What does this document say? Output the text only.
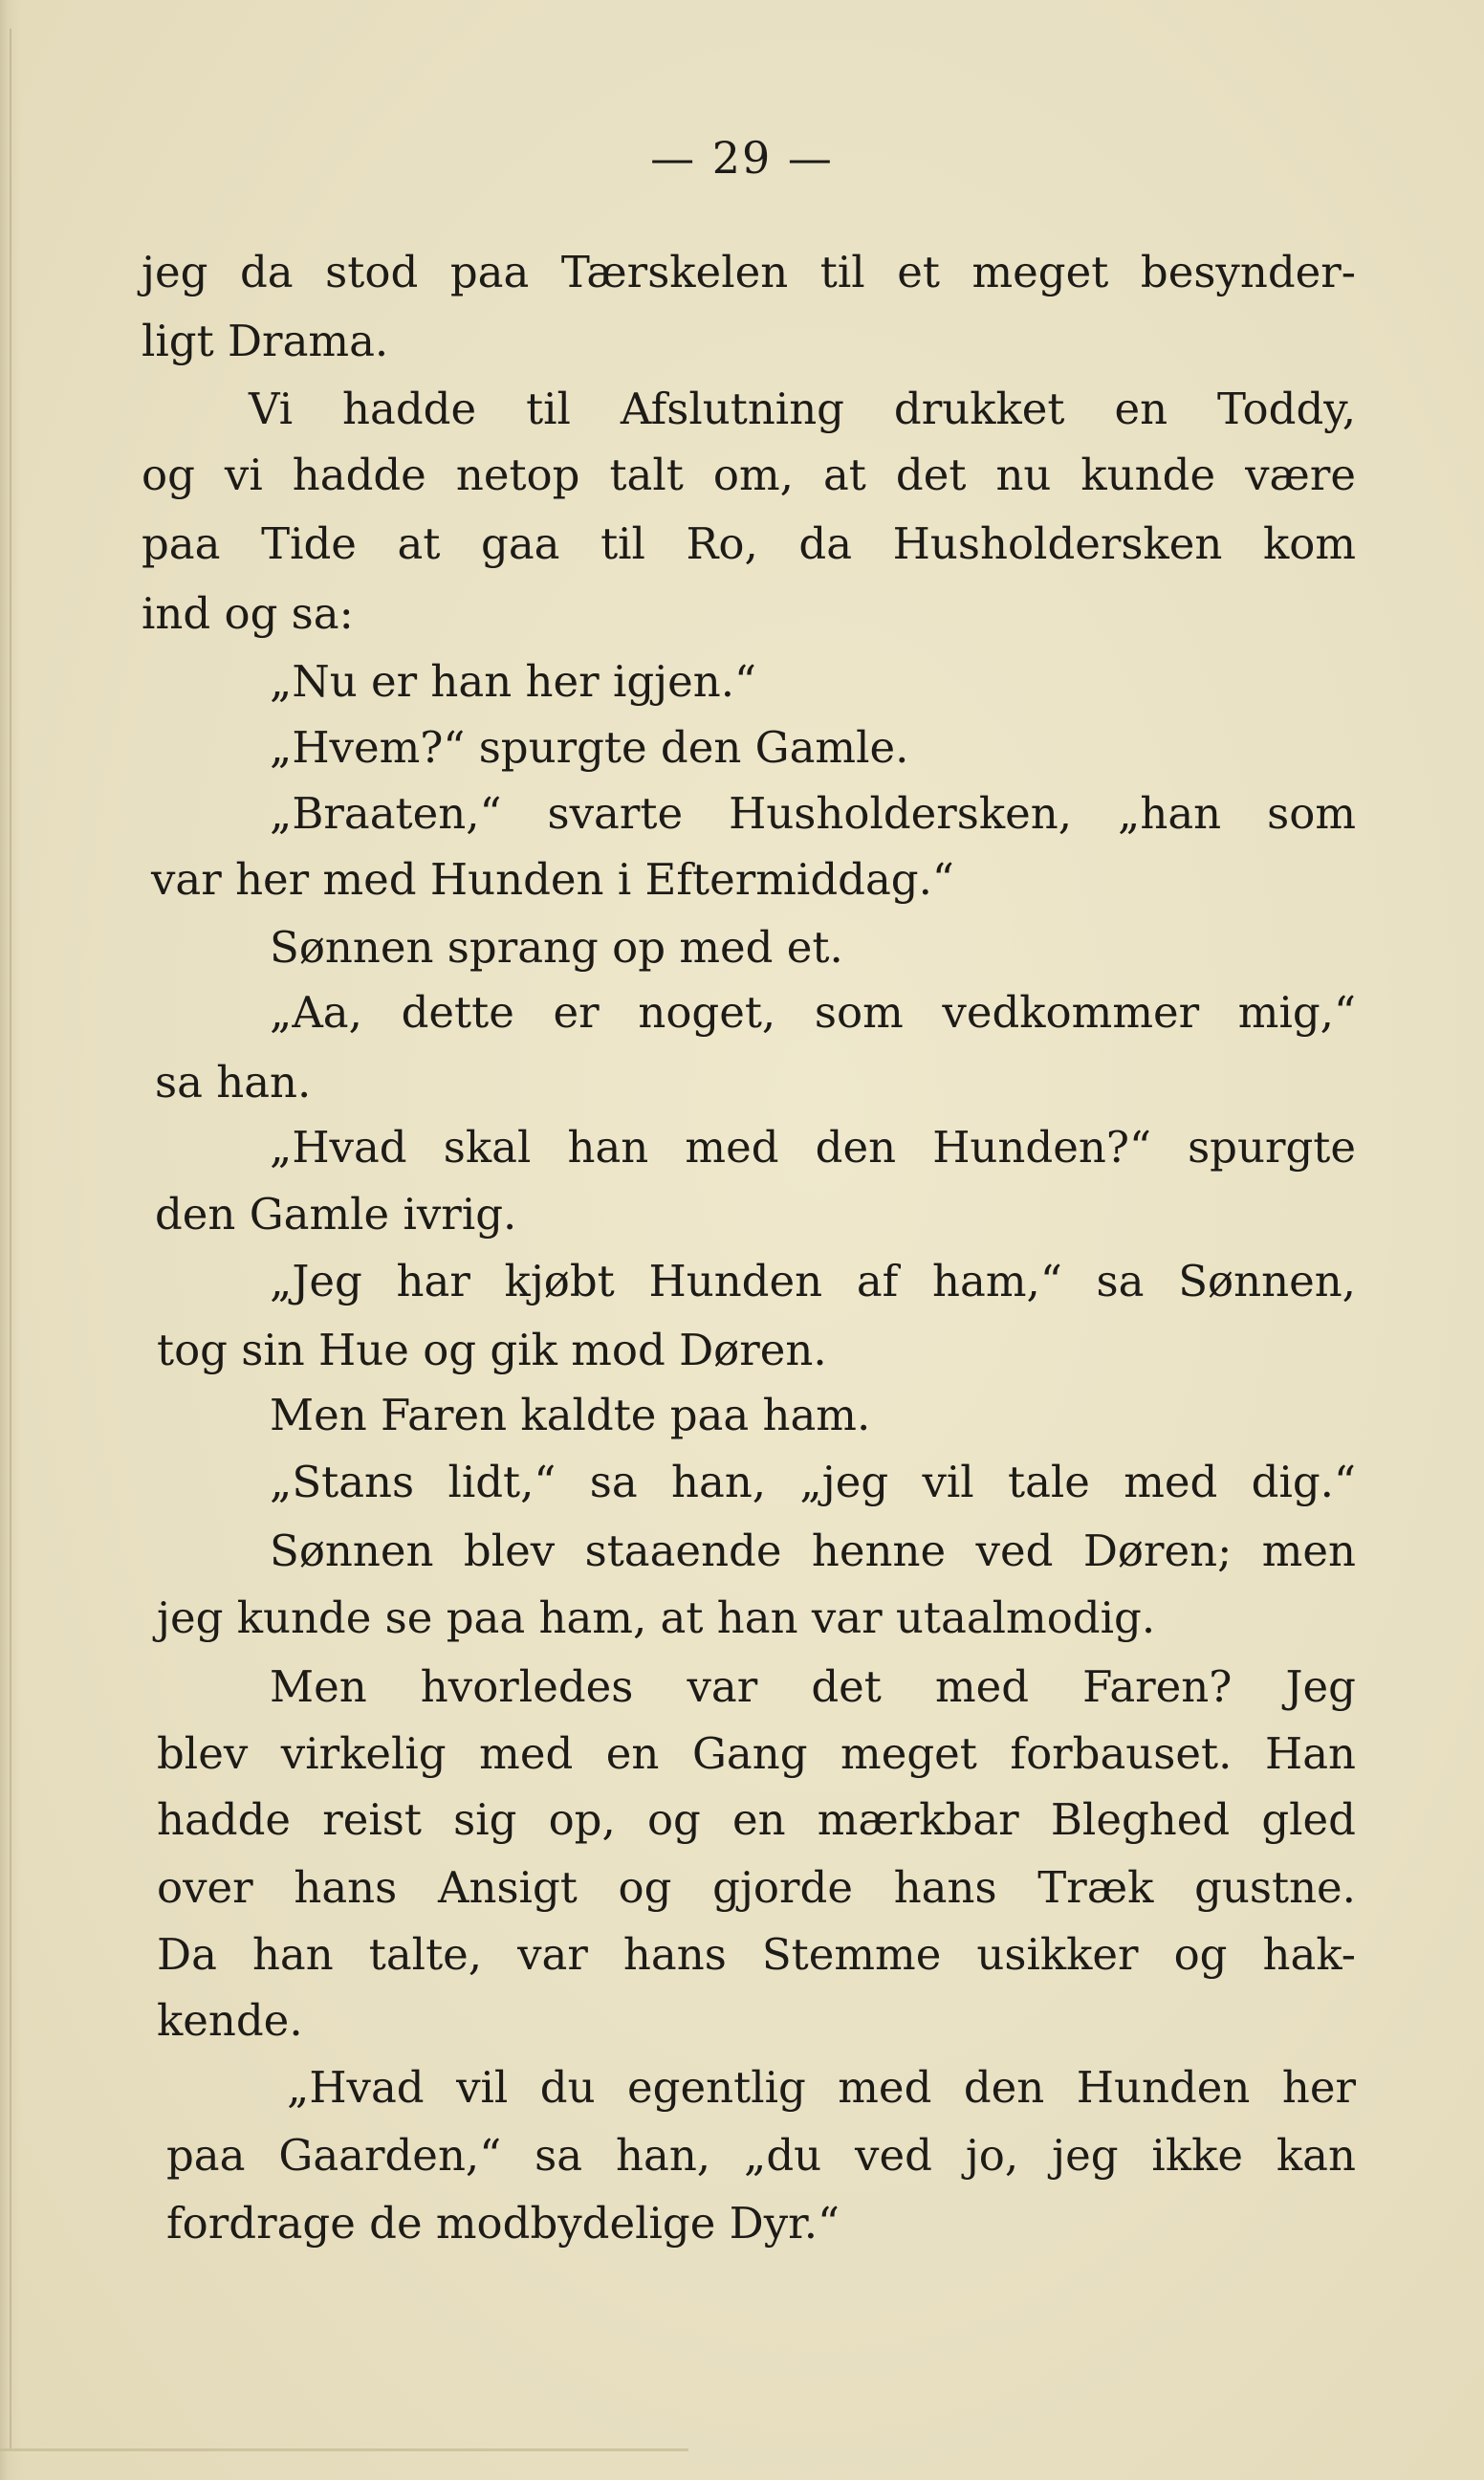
— 29 —
jeg da stod paa Tærskelen til et meget besynder-
ligt Drama.
Vi hadde til Afslutning drukket en Toddy,
og vi hadde netop talt om, at det nu kunde være
paa Tide at gaa til Ro, da Husholdersken kom
ind og sa:
„Nu er han her igjen.“
„Hvem?“ spurgte den Gamle.
„Braaten,“ svarte Husholdersken, „han som
var her med Hunden i Eftermiddag.“
Sønnen sprang op med et.
„Aa, dette er noget, som vedkommer mig,“
sa han.
„Hvad skal han med den Hunden?“ spurgte
den Gamle ivrig.
„Jeg har kjøbt Hunden af ham,“ sa Sønnen,
tog sin Hue og gik mod Døren.
Men Faren kaldte paa ham.
„Stans lidt,“ sa han, „jeg vil tale med dig.“
Sønnen blev staaende henne ved Døren; men
jeg kunde se paa ham, at han var utaalmodig.
Men hvorledes var det med Faren? Jeg
blev virkelig med en Gang meget forbauset. Han
hadde reist sig op, og en mærkbar Bleghed gled
over hans Ansigt og gjorde hans Træk gustne.
Da han talte, var hans Stemme usikker og hak-
kende.
„Hvad vil du egentlig med den Hunden her
paa Gaarden,“ sa han, „du ved jo, jeg ikke kan
fordrage de modbydelige Dyr.“
